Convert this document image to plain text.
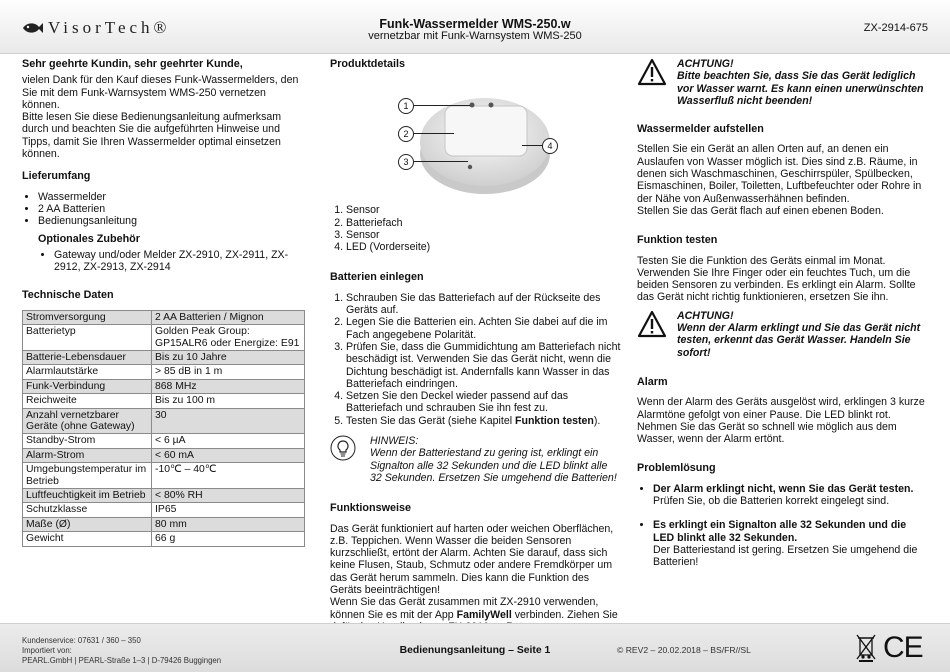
VisorTech®	Funk-Wassermelder WMS-250.w
vernetzbar mit Funk-Warnsystem WMS-250
ZX-2914-675
Sehr geehrte Kundin, sehr geehrter Kunde,

vielen Dank für den Kauf dieses Funk-Wassermelders, den Sie mit dem Funk-Warnsystem WMS-250 vernetzen können.

Bitte lesen Sie diese Bedienungsanleitung aufmerksam durch und beachten Sie die aufgeführten Hinweise und Tipps, damit Sie Ihren Wassermelder optimal einsetzen können.

Lieferumfang
• Wassermelder
• 2 AA Batterien
• Bedienungsanleitung
Optionales Zubehör
• Gateway und/oder Melder ZX-2910, ZX-2911, ZX-2912, ZX-2913, ZX-2914
Technische Daten
Stromversorgung	2 AA Batterien / Mignon
Batterietyp	Golden Peak Group: GP15ALR6 oder Energize: E91
Batterie-Lebensdauer	Bis zu 10 Jahre
Alarmlautstärke	> 85 dB in 1 m
Funk-Verbindung	868 MHz
Reichweite	Bis zu 100 m
Anzahl vernetzbarer Geräte (ohne Gateway)	30
Standby-Strom	< 6 µA
Alarm-Strom	< 60 mA
Umgebungstemperatur im Betrieb	-10℃ – 40℃
Luftfeuchtigkeit im Betrieb	< 80% RH
Schutzklasse	IP65
Maße (Ø)	80 mm
Gewicht	66 g
Produktdetails
1
2
3
4
1. Sensor
2. Batteriefach
3. Sensor
4. LED (Vorderseite)
Batterien einlegen
1. Schrauben Sie das Batteriefach auf der Rückseite des Geräts auf.
2. Legen Sie die Batterien ein. Achten Sie dabei auf die im Fach angegebene Polarität.
3. Prüfen Sie, dass die Gummidichtung am Batteriefach nicht beschädigt ist. Verwenden Sie das Gerät nicht, wenn die Dichtung beschädigt ist. Andernfalls kann Wasser in das Batteriefach eindringen.
4. Setzen Sie den Deckel wieder passend auf das Batteriefach und schrauben Sie ihn fest zu.
5. Testen Sie das Gerät (siehe Kapitel Funktion testen).
HINWEIS:
Wenn der Batteriestand zu gering ist, erklingt ein Signalton alle 32 Sekunden und die LED blinkt alle 32 Sekunden. Ersetzen Sie umgehend die Batterien!
Funktionsweise

Das Gerät funktioniert auf harten oder weichen Oberflächen, z.B. Teppichen. Wenn Wasser die beiden Sensoren kurzschließt, ertönt der Alarm. Achten Sie darauf, dass sich keine Flusen, Staub, Schmutz oder andere Fremdkörper um das Gerät herum sammeln. Dies kann die Funktion des Geräts beeinträchtigen!

Wenn Sie das Gerät zusammen mit ZX-2910 verwenden, können Sie es mit der App FamilyWell verbinden. Ziehen Sie

ACHTUNG!
Bitte beachten Sie, dass Sie das Gerät lediglich vor Wasser warnt. Es kann einen unerwünschten Wasserfluß nicht beenden!
Wassermelder aufstellen

Stellen Sie ein Gerät an allen Orten auf, an denen ein Auslaufen von Wasser möglich ist. Dies sind z.B. Räume, in denen sich Waschmaschinen, Geschirrspüler, Spülbecken, Eismaschinen, Boiler, Toiletten, Luftbefeuchter oder Rohre in der Nähe von Außenwasserhähnen befinden.

Stellen Sie das Gerät flach auf einen ebenen Boden.

Funktion testen

Testen Sie die Funktion des Geräts einmal im Monat. Verwenden Sie Ihre Finger oder ein feuchtes Tuch, um die beiden Sensoren zu verbinden. Es erklingt ein Alarm. Sollte das Gerät nicht richtig funktionieren, ersetzen Sie ihn.

ACHTUNG!
Wenn der Alarm erklingt und Sie das Gerät nicht testen, erkennt das Gerät Wasser. Handeln Sie sofort!
Alarm

Wenn der Alarm des Geräts ausgelöst wird, erklingen 3 kurze Alarmtöne gefolgt von einer Pause. Die LED blinkt rot. Nehmen Sie das Gerät so schnell wie möglich aus dem Wasser, wenn der Alarm ertönt.

Problemlösung
• Der Alarm erklingt nicht, wenn Sie das Gerät testen.
Prüfen Sie, ob die Batterien korrekt eingelegt sind.
• Es erklingt ein Signalton alle 32 Sekunden und die LED blinkt alle 32 Sekunden.
Der Batteriestand ist gering. Ersetzen Sie umgehend die Batterien!
Kundenservice: 07631 / 360 – 350
Importiert von:
PEARL.GmbH | PEARL-Straße 1–3 | D-79426 Buggingen
Bedienungsanleitung – Seite 1	© REV2 – 20.02.2018 – BS/FR//SL	CE
